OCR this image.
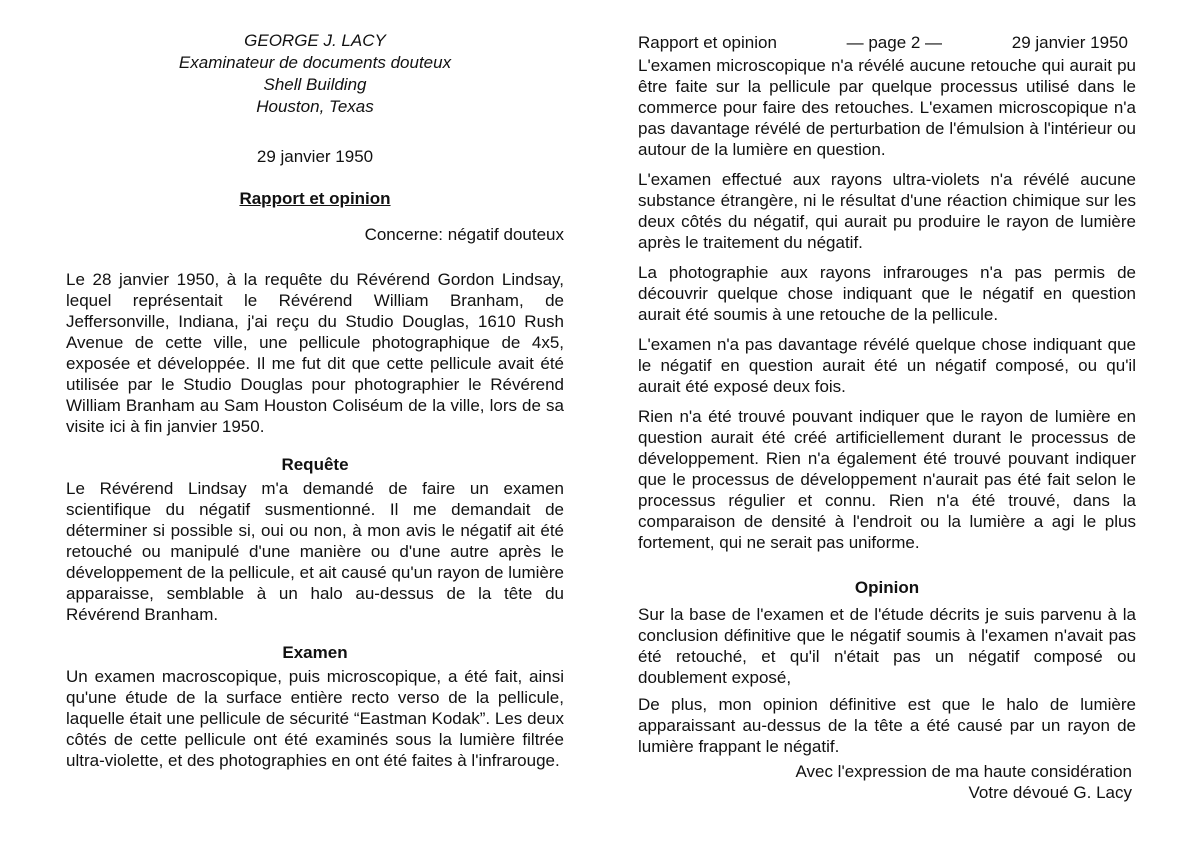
GEORGE J. LACY
Examinateur de documents douteux
Shell Building
Houston, Texas
29 janvier 1950
Rapport et opinion
Concerne: négatif douteux

Le 28 janvier 1950, à la requête du Révérend Gordon Lindsay, lequel représentait le Révérend William Branham, de Jeffersonville, Indiana, j'ai reçu du Studio Douglas, 1610 Rush Avenue de cette ville, une pellicule photographique de 4x5, exposée et développée. Il me fut dit que cette pellicule avait été utilisée par le Studio Douglas pour photographier le Révérend William Branham au Sam Houston Coliséum de la ville, lors de sa visite ici à fin janvier 1950.

Requête

Le Révérend Lindsay m'a demandé de faire un examen scientifique du négatif susmentionné. Il me demandait de déterminer si possible si, oui ou non, à mon avis le négatif ait été retouché ou manipulé d'une manière ou d'une autre après le développement de la pellicule, et ait causé qu'un rayon de lumière apparaisse, semblable à un halo au-dessus de la tête du Révérend Branham.

Examen

Un examen macroscopique, puis microscopique, a été fait, ainsi qu'une étude de la surface entière recto verso de la pellicule, laquelle était une pellicule de sécurité “Eastman Kodak”. Les deux côtés de cette pellicule ont été examinés sous la lumière filtrée ultra-violette, et des photographies en ont été faites à l'infrarouge.

Rapport et opinion	— page 2 —	29 janvier 1950

L'examen microscopique n'a révélé aucune retouche qui aurait pu être faite sur la pellicule par quelque processus utilisé dans le commerce pour faire des retouches. L'examen microscopique n'a pas davantage révélé de perturbation de l'émulsion à l'intérieur ou autour de la lumière en question.

L'examen effectué aux rayons ultra-violets n'a révélé aucune substance étrangère, ni le résultat d'une réaction chimique sur les deux côtés du négatif, qui aurait pu produire le rayon de lumière après le traitement du négatif.

La photographie aux rayons infrarouges n'a pas permis de découvrir quelque chose indiquant que le négatif en question aurait été soumis à une retouche de la pellicule.

L'examen n'a pas davantage révélé quelque chose indiquant que le négatif en question aurait été un négatif composé, ou qu'il aurait été exposé deux fois.

Rien n'a été trouvé pouvant indiquer que le rayon de lumière en question aurait été créé artificiellement durant le processus de développement. Rien n'a également été trouvé pouvant indiquer que le processus de développement n'aurait pas été fait selon le processus régulier et connu. Rien n'a été trouvé, dans la comparaison de densité à l'endroit ou la lumière a agi le plus fortement, qui ne serait pas uniforme.

Opinion

Sur la base de l'examen et de l'étude décrits je suis parvenu à la conclusion définitive que le négatif soumis à l'examen n'avait pas été retouché, et qu'il n'était pas un négatif composé ou doublement exposé,

De plus, mon opinion définitive est que le halo de lumière apparaissant au-dessus de la tête a été causé par un rayon de lumière frappant le négatif.

Avec l'expression de ma haute considération
Votre dévoué G. Lacy
